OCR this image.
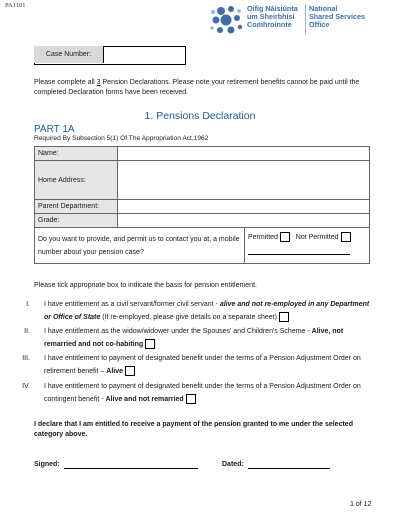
PA1101	Oifig Náisiúnta
um Sheirbhísí
Comhroinnte
National
Shared Services
Office
Case Number:
Please complete all 3 Pension Declarations. Please note your retirement benefits cannot be paid until the completed Declaration forms have been received.
1. Pensions Declaration
PART 1A
Required By Subsection 5(1) Of The Appropriation Act,1962
Name:		
Home Address:		
Parent Department:		
Grade:		
Do you want to provide, and permit us to contact you at, a mobile number about your pension case?		Permitted Not Permitted
Please tick appropriate box to indicate the basis for pension entitlement.
I. I have entitlement as a civil servant/former civil servant - alive and not re-employed in any Department or Office of State (If re-employed, please give details on a separate sheet)
II. I have entitlement as the widow/widower under the Spouses' and Children's Scheme - Alive, not remarried and not co-habiting
III. I have entitlement to payment of designated benefit under the terms of a Pension Adjustment Order on retirement benefit – Alive
IV. I have entitlement to payment of designated benefit under the terms of a Pension Adjustment Order on contingent benefit - Alive and not remarried
I declare that I am entitled to receive a payment of the pension granted to me under the selected category above.
Signed:	Dated:
1 of 12
